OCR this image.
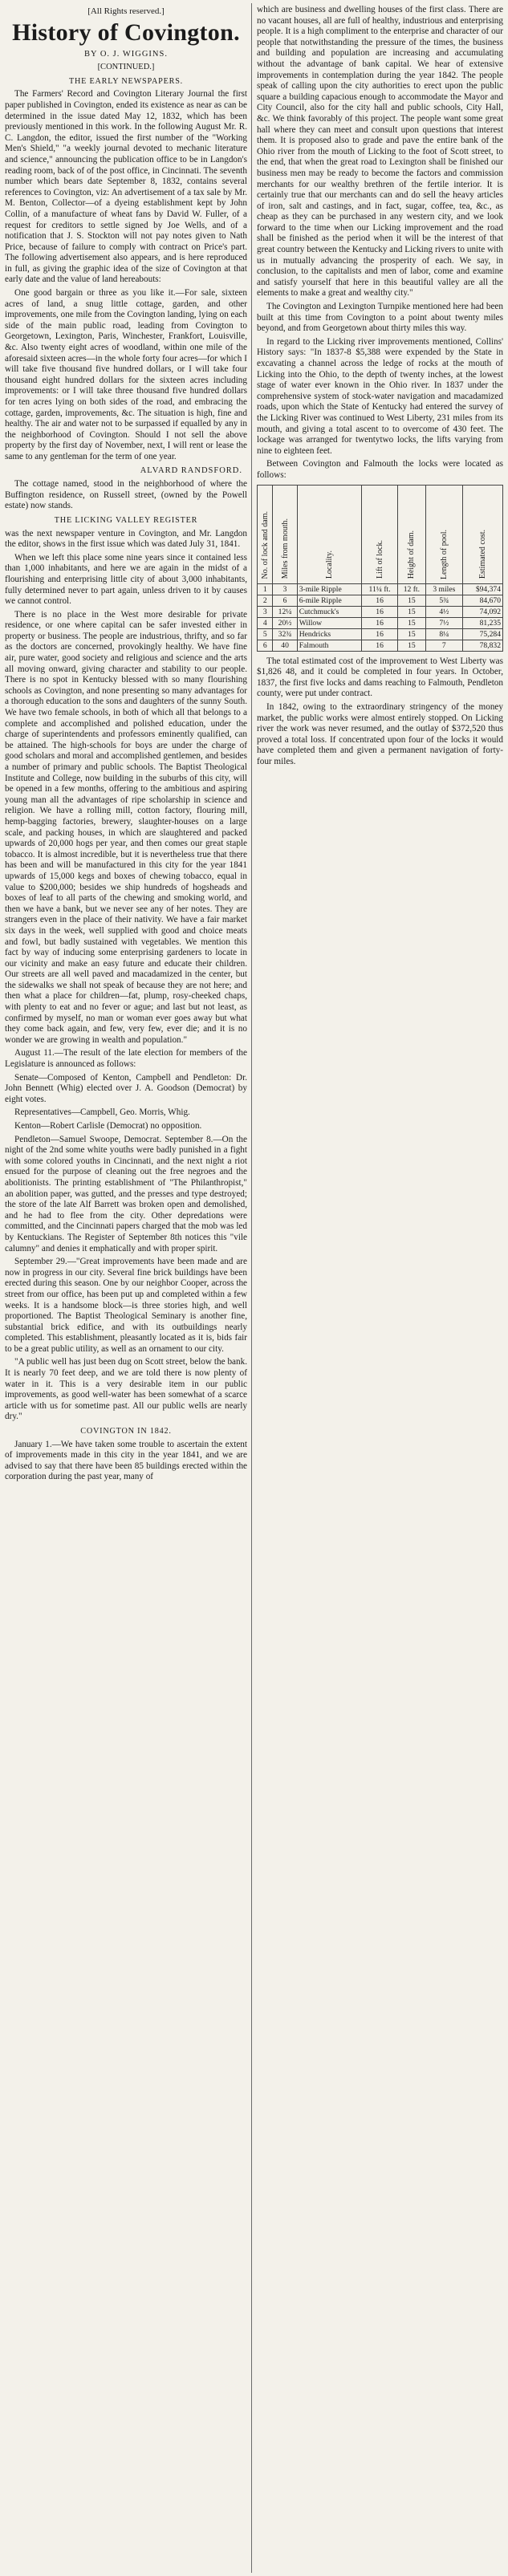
[All Rights reserved.]
History of Covington.
BY O. J. WIGGINS.
[CONTINUED.]
THE EARLY NEWSPAPERS.

The Farmers' Record and Covington Literary Journal the first paper published in Covington, ended its existence as near as can be determined in the issue dated May 12, 1832, which has been previously mentioned in this work. In the following August Mr. R. C. Langdon, the editor, issued the first number of the "Working Men's Shield," "a weekly journal devoted to mechanic literature and science," announcing the publication office to be in Langdon's reading room, back of of the post office, in Cincinnati. The seventh number which bears date September 8, 1832, contains several references to Covington, viz: An advertisement of a tax sale by Mr. M. Benton, Collector—of a dyeing establishment kept by John Collin, of a manufacture of wheat fans by David W. Fuller, of a request for creditors to settle signed by Joe Wells, and of a notification that J. S. Stockton will not pay notes given to Nath Price, because of failure to comply with contract on Price's part. The following advertisement also appears, and is here reproduced in full, as giving the graphic idea of the size of Covington at that early date and the value of land hereabouts:

One good bargain or three as you like it.—For sale, sixteen acres of land, a snug little cottage, garden, and other improvements, one mile from the Covington landing, lying on each side of the main public road, leading from Covington to Georgetown, Lexington, Paris, Winchester, Frankfort, Louisville, &c. Also twenty eight acres of woodland, within one mile of the aforesaid sixteen acres—in the whole forty four acres—for which I will take five thousand five hundred dollars, or I will take four thousand eight hundred dollars for the sixteen acres including improvements: or I will take three thousand five hundred dollars for ten acres lying on both sides of the road, and embracing the cottage, garden, improvements, &c. The situation is high, fine and healthy. The air and water not to be surpassed if equalled by any in the neighborhood of Covington. Should I not sell the above property by the first day of November, next, I will rent or lease the same to any gentleman for the term of one year.

ALVARD RANDSFORD.

The cottage named, stood in the neighborhood of where the Buffington residence, on Russell street, (owned by the Powell estate) now stands.

THE LICKING VALLEY REGISTER

was the next newspaper venture in Covington, and Mr. Langdon the editor, shows in the first issue which was dated July 31, 1841.

When we left this place some nine years since it contained less than 1,000 inhabitants, and here we are again in the midst of a flourishing and enterprising little city of about 3,000 inhabitants, fully determined never to part again, unless driven to it by causes we cannot control.

There is no place in the West more desirable for private residence, or one where capital can be safer invested either in property or business. The people are industrious, thrifty, and so far as the doctors are concerned, provokingly healthy. We have fine air, pure water, good society and religious and science and the arts all moving onward, giving character and stability to our people. There is no spot in Kentucky blessed with so many flourishing schools as Covington, and none presenting so many advantages for a thorough education to the sons and daughters of the sunny South. We have two female schools, in both of which all that belongs to a complete and accomplished and polished education, under the charge of superintendents and professors eminently qualified, can be attained. The high-schools for boys are under the charge of good scholars and moral and accomplished gentlemen, and besides a number of primary and public schools. The Baptist Theological Institute and College, now building in the suburbs of this city, will be opened in a few months, offering to the ambitious and aspiring young man all the advantages of ripe scholarship in science and religion. We have a rolling mill, cotton factory, flouring mill, hemp-bagging factories, brewery, slaughter-houses on a large scale, and packing houses, in which are slaughtered and packed upwards of 20,000 hogs per year, and then comes our great staple tobacco. It is almost incredible, but it is nevertheless true that there has been and will be manufactured in this city for the year 1841 upwards of 15,000 kegs and boxes of chewing tobacco, equal in value to $200,000; besides we ship hundreds of hogsheads and boxes of leaf to all parts of the chewing and smoking world, and then we have a bank, but we never see any of her notes. They are strangers even in the place of their nativity. We have a fair market six days in the week, well supplied with good and choice meats and fowl, but badly sustained with vegetables. We mention this fact by way of inducing some enterprising gardeners to locate in our vicinity and make an easy future and educate their children. Our streets are all well paved and macadamized in the center, but the sidewalks we shall not speak of because they are not here; and then what a place for children—fat, plump, rosy-cheeked chaps, with plenty to eat and no fever or ague; and last but not least, as confirmed by myself, no man or woman ever goes away but what they come back again, and few, very few, ever die; and it is no wonder we are growing in wealth and population."

August 11.—The result of the late election for members of the Legislature is announced as follows:

Senate—Composed of Kenton, Campbell and Pendleton: Dr. John Bennett (Whig) elected over J. A. Goodson (Democrat) by eight votes.

Representatives—Campbell, Geo. Morris, Whig.

Kenton—Robert Carlisle (Democrat) no opposition.

Pendleton—Samuel Swoope, Democrat. September 8.—On the night of the 2nd some white youths were badly punished in a fight with some colored youths in Cincinnati, and the next night a riot ensued for the purpose of cleaning out the free negroes and the abolitionists. The printing establishment of "The Philanthropist," an abolition paper, was gutted, and the presses and type destroyed; the store of the late Alf Barrett was broken open and demolished, and he had to flee from the city. Other depredations were committed, and the Cincinnati papers charged that the mob was led by Kentuckians. The Register of September 8th notices this "vile calumny" and denies it emphatically and with proper spirit.

September 29.—"Great improvements have been made and are now in progress in our city. Several fine brick buildings have been erected during this season. One by our neighbor Cooper, across the street from our office, has been put up and completed within a few weeks. It is a handsome block—is three stories high, and well proportioned. The Baptist Theological Seminary is another fine, substantial brick edifice, and with its outbuildings nearly completed. This establishment, pleasantly located as it is, bids fair to be a great public utility, as well as an ornament to our city.

"A public well has just been dug on Scott street, below the bank. It is nearly 70 feet deep, and we are told there is now plenty of water in it. This is a very desirable item in our public improvements, as good well-water has been somewhat of a scarce article with us for sometime past. All our public wells are nearly dry."

COVINGTON IN 1842.

January 1.—We have taken some trouble to ascertain the extent of improvements made in this city in the year 1841, and we are advised to say that there have been 85 buildings erected within the corporation during the past year, many of

which are business and dwelling houses of the first class. There are no vacant houses, all are full of healthy, industrious and enterprising people. It is a high compliment to the enterprise and character of our people that notwithstanding the pressure of the times, the business and building and population are increasing and accumulating without the advantage of bank capital. We hear of extensive improvements in contemplation during the year 1842. The people speak of calling upon the city authorities to erect upon the public square a building capacious enough to accommodate the Mayor and City Council, also for the city hall and public schools, City Hall, &c. We think favorably of this project. The people want some great hall where they can meet and consult upon questions that interest them. It is proposed also to grade and pave the entire bank of the Ohio river from the mouth of Licking to the foot of Scott street, to the end, that when the great road to Lexington shall be finished our business men may be ready to become the factors and commission merchants for our wealthy brethren of the fertile interior. It is certainly true that our merchants can and do sell the heavy articles of iron, salt and castings, and in fact, sugar, coffee, tea, &c., as cheap as they can be purchased in any western city, and we look forward to the time when our Licking improvement and the road shall be finished as the period when it will be the interest of that great country between the Kentucky and Licking rivers to unite with us in mutually advancing the prosperity of each. We say, in conclusion, to the capitalists and men of labor, come and examine and satisfy yourself that here in this beautiful valley are all the elements to make a great and wealthy city."

The Covington and Lexington Turnpike mentioned here had been built at this time from Covington to a point about twenty miles beyond, and from Georgetown about thirty miles this way.

In regard to the Licking river improvements mentioned, Collins' History says: "In 1837-8 $5,388 were expended by the State in excavating a channel across the ledge of rocks at the mouth of Licking into the Ohio, to the depth of twenty inches, at the lowest stage of water ever known in the Ohio river. In 1837 under the comprehensive system of stock-water navigation and macadamized roads, upon which the State of Kentucky had entered the survey of the Licking River was continued to West Liberty, 231 miles from its mouth, and giving a total ascent to to overcome of 430 feet. The lockage was arranged for twentytwo locks, the lifts varying from nine to eighteen feet.

Between Covington and Falmouth the locks were located as follows:

No. of lock and dam.	Miles from mouth.	Locality.	Lift of lock.	Height of dam.	Length of pool.	Estimated cost.
1	3	3-mile Ripple	11¼ ft.	12 ft.	3 miles	$94,374
2	6	6-mile Ripple	16	15	5¾	84,670
3	12¼	Cutchmuck's	16	15	4½	74,092
4	20½	Willow	16	15	7½	81,235
5	32¾	Hendricks	16	15	8¼	75,284
6	40	Falmouth	16	15	7	78,832

The total estimated cost of the improvement to West Liberty was $1,826 48, and it could be completed in four years. In October, 1837, the first five locks and dams reaching to Falmouth, Pendleton county, were put under contract.

In 1842, owing to the extraordinary stringency of the money market, the public works were almost entirely stopped. On Licking river the work was never resumed, and the outlay of $372,520 thus proved a total loss. If concentrated upon four of the locks it would have completed them and given a permanent navigation of forty-four miles.
